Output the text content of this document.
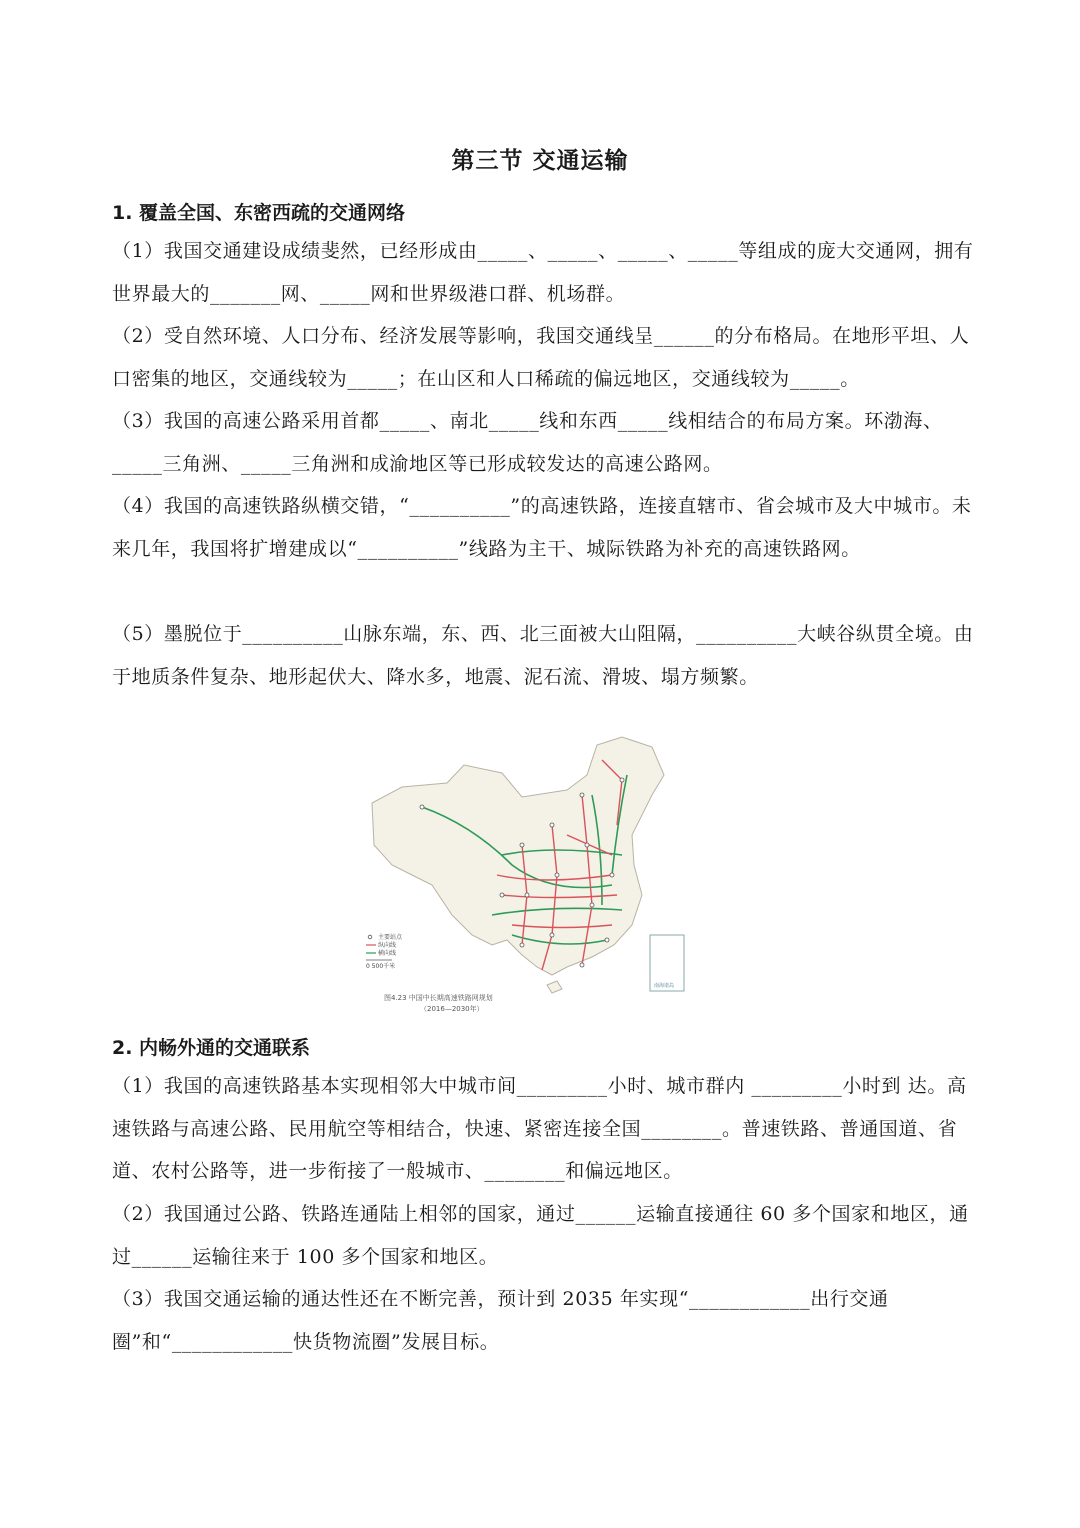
第三节 交通运输
1. 覆盖全国、东密西疏的交通网络
（1）我国交通建设成绩斐然，已经形成由_____、_____、_____、_____等组成的庞大交通网，拥有世界最大的_______网、_____网和世界级港口群、机场群。
（2）受自然环境、人口分布、经济发展等影响，我国交通线呈______的分布格局。在地形平坦、人口密集的地区，交通线较为_____；在山区和人口稀疏的偏远地区，交通线较为_____。
（3）我国的高速公路采用首都_____、南北_____线和东西_____线相结合的布局方案。环渤海、_____三角洲、_____三角洲和成渝地区等已形成较发达的高速公路网。
（4）我国的高速铁路纵横交错，“__________”的高速铁路，连接直辖市、省会城市及大中城市。未来几年，我国将扩增建成以“__________”线路为主干、城际铁路为补充的高速铁路网。
（5）墨脱位于__________山脉东端，东、西、北三面被大山阻隔，__________大峡谷纵贯全境。由于地质条件复杂、地形起伏大、降水多，地震、泥石流、滑坡、塌方频繁。
主要站点
纵向线
横向线
0 500千米
南海诸岛
图4.23 中国中长期高速铁路网规划
（2016—2030年）
2. 内畅外通的交通联系
（1）我国的高速铁路基本实现相邻大中城市间_________小时、城市群内 _________小时到 达。高速铁路与高速公路、民用航空等相结合，快速、紧密连接全国________。普速铁路、普通国道、省道、农村公路等，进一步衔接了一般城市、________和偏远地区。
（2）我国通过公路、铁路连通陆上相邻的国家，通过______运输直接通往 60 多个国家和地区，通过______运输往来于 100 多个国家和地区。
（3）我国交通运输的通达性还在不断完善，预计到 2035 年实现“____________出行交通圈”和“____________快货物流圈”发展目标。
